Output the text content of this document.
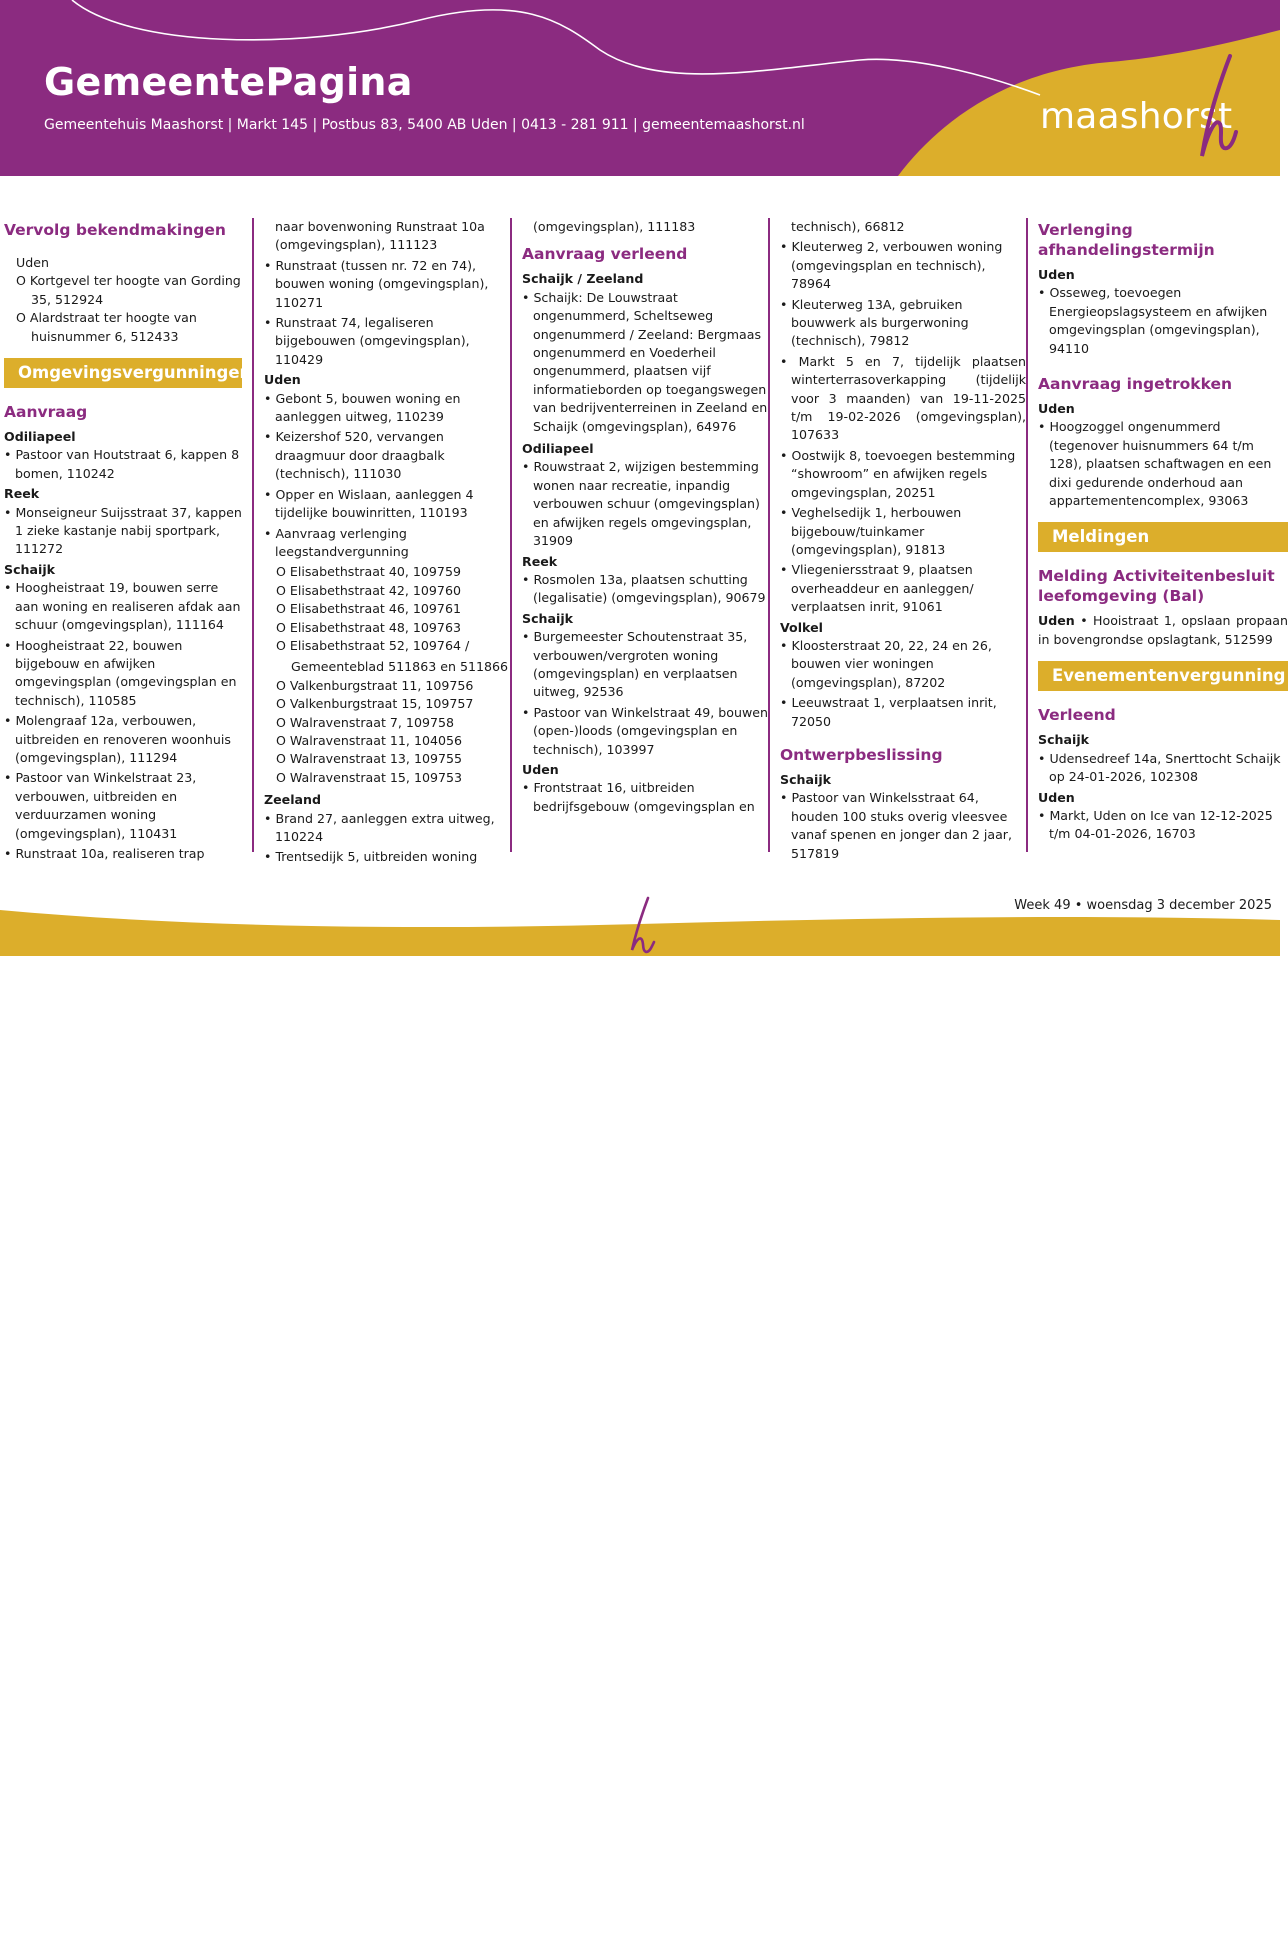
GemeentePagina

Gemeentehuis Maashorst | Markt 145 | Postbus 83, 5400 AB Uden | 0413 - 281 911 | gemeentemaashorst.nl	maashorst
Vervolg bekendmakingen
Uden
O Kortgevel ter hoogte van Gording
35, 512924
O Alardstraat ter hoogte van
huisnummer 6, 512433
Omgevingsvergunningen
Aanvraag
Odiliapeel
• Pastoor van Houtstraat 6, kappen 8 bomen, 110242
Reek
• Monseigneur Suijsstraat 37, kappen 1 zieke kastanje nabij sportpark, 111272
Schaijk
• Hoogheistraat 19, bouwen serre aan woning en realiseren afdak aan schuur (omgevingsplan), 111164
• Hoogheistraat 22, bouwen bijgebouw en afwijken omgevingsplan (omgevingsplan en technisch), 110585
• Molengraaf 12a, verbouwen, uitbreiden en renoveren woonhuis (omgevingsplan), 111294
• Pastoor van Winkelstraat 23, verbouwen, uitbreiden en verduurzamen woning (omgevingsplan), 110431
• Runstraat 10a, realiseren trap
naar bovenwoning Runstraat 10a (omgevingsplan), 111123
• Runstraat (tussen nr. 72 en 74), bouwen woning (omgevingsplan), 110271
• Runstraat 74, legaliseren bijgebouwen (omgevingsplan), 110429
Uden
• Gebont 5, bouwen woning en aanleggen uitweg, 110239
• Keizershof 520, vervangen draagmuur door draagbalk (technisch), 111030
• Opper en Wislaan, aanleggen 4 tijdelijke bouwinritten, 110193
• Aanvraag verlenging leegstandvergunning
O Elisabethstraat 40, 109759
O Elisabethstraat 42, 109760
O Elisabethstraat 46, 109761
O Elisabethstraat 48, 109763
O Elisabethstraat 52, 109764 /
Gemeenteblad 511863 en 511866
O Valkenburgstraat 11, 109756
O Valkenburgstraat 15, 109757
O Walravenstraat 7, 109758
O Walravenstraat 11, 104056
O Walravenstraat 13, 109755
O Walravenstraat 15, 109753
Zeeland
• Brand 27, aanleggen extra uitweg, 110224
• Trentsedijk 5, uitbreiden woning
(omgevingsplan), 111183
Aanvraag verleend
Schaijk / Zeeland
• Schaijk: De Louwstraat ongenummerd, Scheltseweg ongenummerd / Zeeland: Bergmaas ongenummerd en Voederheil ongenummerd, plaatsen vijf informatieborden op toegangswegen van bedrijventerreinen in Zeeland en Schaijk (omgevingsplan), 64976
Odiliapeel
• Rouwstraat 2, wijzigen bestemming wonen naar recreatie, inpandig verbouwen schuur (omgevingsplan) en afwijken regels omgevingsplan, 31909
Reek
• Rosmolen 13a, plaatsen schutting (legalisatie) (omgevingsplan), 90679
Schaijk
• Burgemeester Schoutenstraat 35, verbouwen/vergroten woning (omgevingsplan) en verplaatsen uitweg, 92536
• Pastoor van Winkelstraat 49, bouwen (open-)loods (omgevingsplan en technisch), 103997
Uden
• Frontstraat 16, uitbreiden bedrijfsgebouw (omgevingsplan en
technisch), 66812
• Kleuterweg 2, verbouwen woning (omgevingsplan en technisch), 78964
• Kleuterweg 13A, gebruiken bouwwerk als burgerwoning (technisch), 79812
• Markt 5 en 7, tijdelijk plaatsen winterterrasoverkapping (tijdelijk voor 3 maanden) van 19-11-2025 t/m 19-02-2026 (omgevingsplan), 107633
• Oostwijk 8, toevoegen bestemming “showroom” en afwijken regels omgevingsplan, 20251
• Veghelsedijk 1, herbouwen bijgebouw/tuinkamer (omgevingsplan), 91813
• Vliegeniersstraat 9, plaatsen overheaddeur en aanleggen/ verplaatsen inrit, 91061
Volkel
• Kloosterstraat 20, 22, 24 en 26, bouwen vier woningen (omgevingsplan), 87202
• Leeuwstraat 1, verplaatsen inrit, 72050
Ontwerpbeslissing
Schaijk
• Pastoor van Winkelsstraat 64, houden 100 stuks overig vleesvee vanaf spenen en jonger dan 2 jaar, 517819
Verlenging afhandelingstermijn
Uden
• Osseweg, toevoegen
Energieopslagsysteem en afwijken omgevingsplan (omgevingsplan), 94110
Aanvraag ingetrokken
Uden
• Hoogzoggel ongenummerd (tegenover huisnummers 64 t/m 128), plaatsen schaftwagen en een dixi gedurende onderhoud aan appartementencomplex, 93063
Meldingen
Melding Activiteitenbesluit leefomgeving (Bal)
Uden • Hooistraat 1, opslaan propaan in bovengrondse opslagtank, 512599
Evenementenvergunning
Verleend
Schaijk
• Udensedreef 14a, Snerttocht Schaijk op 24-01-2026, 102308
Uden
• Markt, Uden on Ice van 12-12-2025 t/m 04-01-2026, 16703
Week 49 • woensdag 3 december 2025
